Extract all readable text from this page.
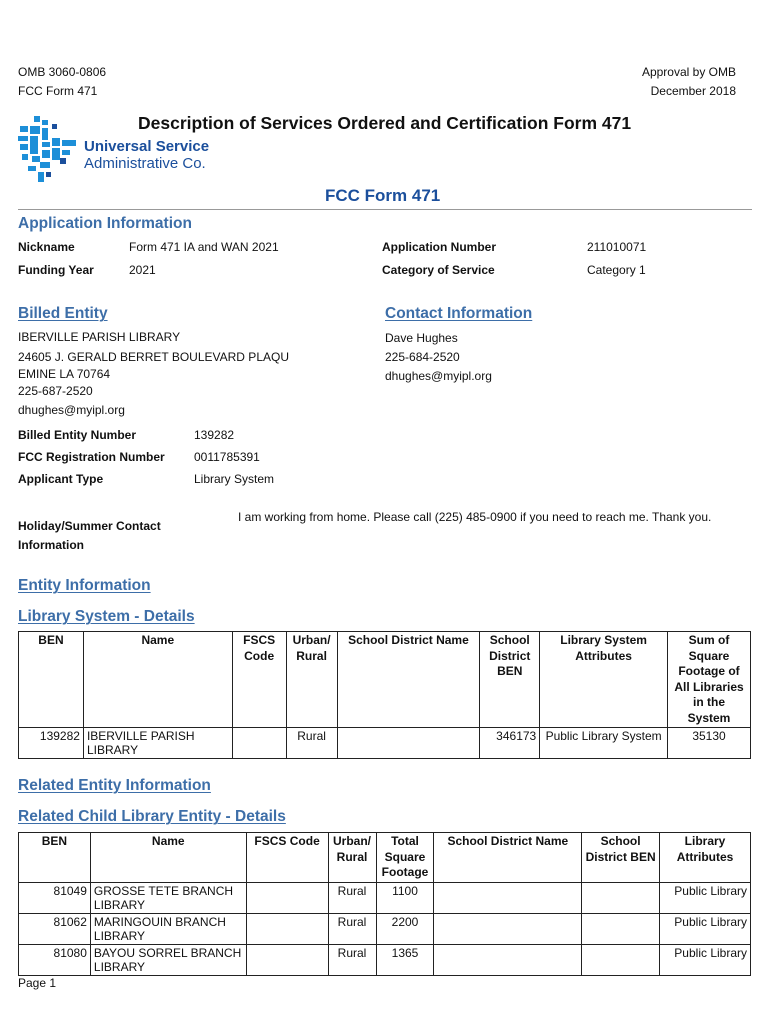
OMB 3060-0806
FCC Form 471
Approval by OMB
December 2018
Universal Service
Administrative Co.
Description of Services Ordered and Certification Form 471
FCC Form 471
Application Information
Nickname	Form 471 IA and WAN 2021
Funding Year	2021
Application Number	211010071
Category of Service	Category 1
Billed Entity
IBERVILLE PARISH LIBRARY
24605 J. GERALD BERRET BOULEVARD PLAQU
EMINE LA 70764
225-687-2520
dhughes@myipl.org
Contact Information
Dave Hughes
225-684-2520
dhughes@myipl.org
Billed Entity Number	139282
FCC Registration Number 0011785391
Applicant Type	Library System
Holiday/Summer Contact
Information
I am working from home. Please call (225) 485-0900 if you need to reach me. Thank you.
Entity Information
Library System - Details
BEN	Name	FSCS Code	Urban/ Rural	School District Name	School District BEN	Library System Attributes	Sum of Square Footage of All Libraries in the System
139282	IBERVILLE PARISH LIBRARY		Rural		346173	Public Library System	35130
Related Entity Information
Related Child Library Entity - Details
BEN	Name	FSCS Code	Urban/ Rural	Total Square Footage	School District Name	School District BEN	Library Attributes
81049	GROSSE TETE BRANCH LIBRARY		Rural	1100			Public Library
81062	MARINGOUIN BRANCH LIBRARY		Rural	2200			Public Library
81080	BAYOU SORREL BRANCH LIBRARY		Rural	1365			Public Library
Page 1
